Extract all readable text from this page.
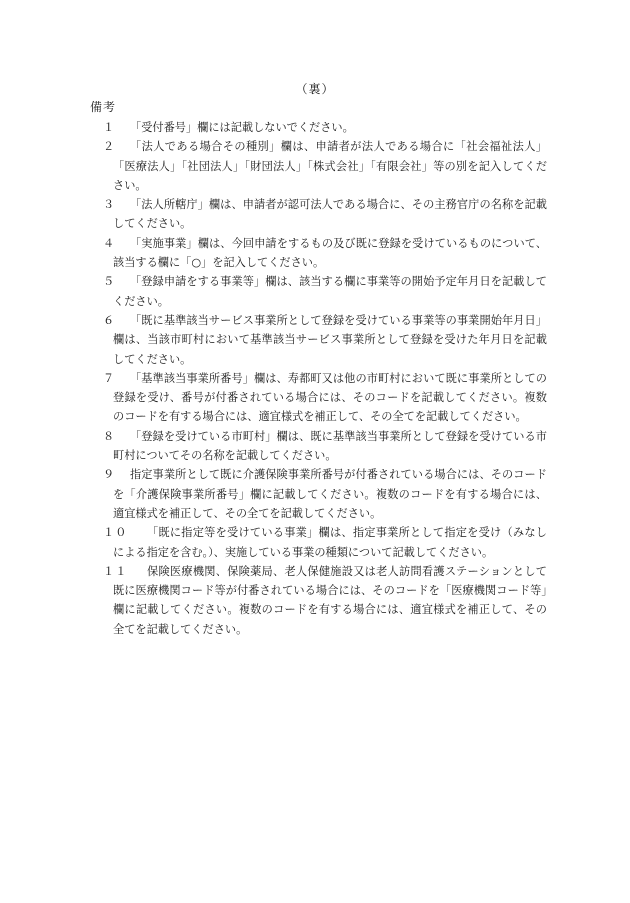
（裏）
備考
１	「受付番号」欄には記載しないでください。
２	「法人である場合その種別」欄は、申請者が法人である場合に「社会福祉法人」「医療法人」「社団法人」「財団法人」「株式会社」「有限会社」等の別を記入してください。
３	「法人所轄庁」欄は、申請者が認可法人である場合に、その主務官庁の名称を記載してください。
４	「実施事業」欄は、今回申請をするもの及び既に登録を受けているものについて、該当する欄に「○」を記入してください。
５	「登録申請をする事業等」欄は、該当する欄に事業等の開始予定年月日を記載してください。
６	「既に基準該当サービス事業所として登録を受けている事業等の事業開始年月日」欄は、当該市町村において基準該当サービス事業所として登録を受けた年月日を記載してください。
７	「基準該当事業所番号」欄は、寿都町又は他の市町村において既に事業所としての登録を受け、番号が付番されている場合には、そのコードを記載してください。複数のコードを有する場合には、適宜様式を補正して、その全てを記載してください。
８	「登録を受けている市町村」欄は、既に基準該当事業所として登録を受けている市町村についてその名称を記載してください。
９	指定事業所として既に介護保険事業所番号が付番されている場合には、そのコードを「介護保険事業所番号」欄に記載してください。複数のコードを有する場合には、適宜様式を補正して、その全てを記載してください。
１０	「既に指定等を受けている事業」欄は、指定事業所として指定を受け（みなしによる指定を含む。）、実施している事業の種類について記載してください。
１１	保険医療機関、保険薬局、老人保健施設又は老人訪問看護ステーションとして既に医療機関コード等が付番されている場合には、そのコードを「医療機関コード等」欄に記載してください。複数のコードを有する場合には、適宜様式を補正して、その全てを記載してください。
